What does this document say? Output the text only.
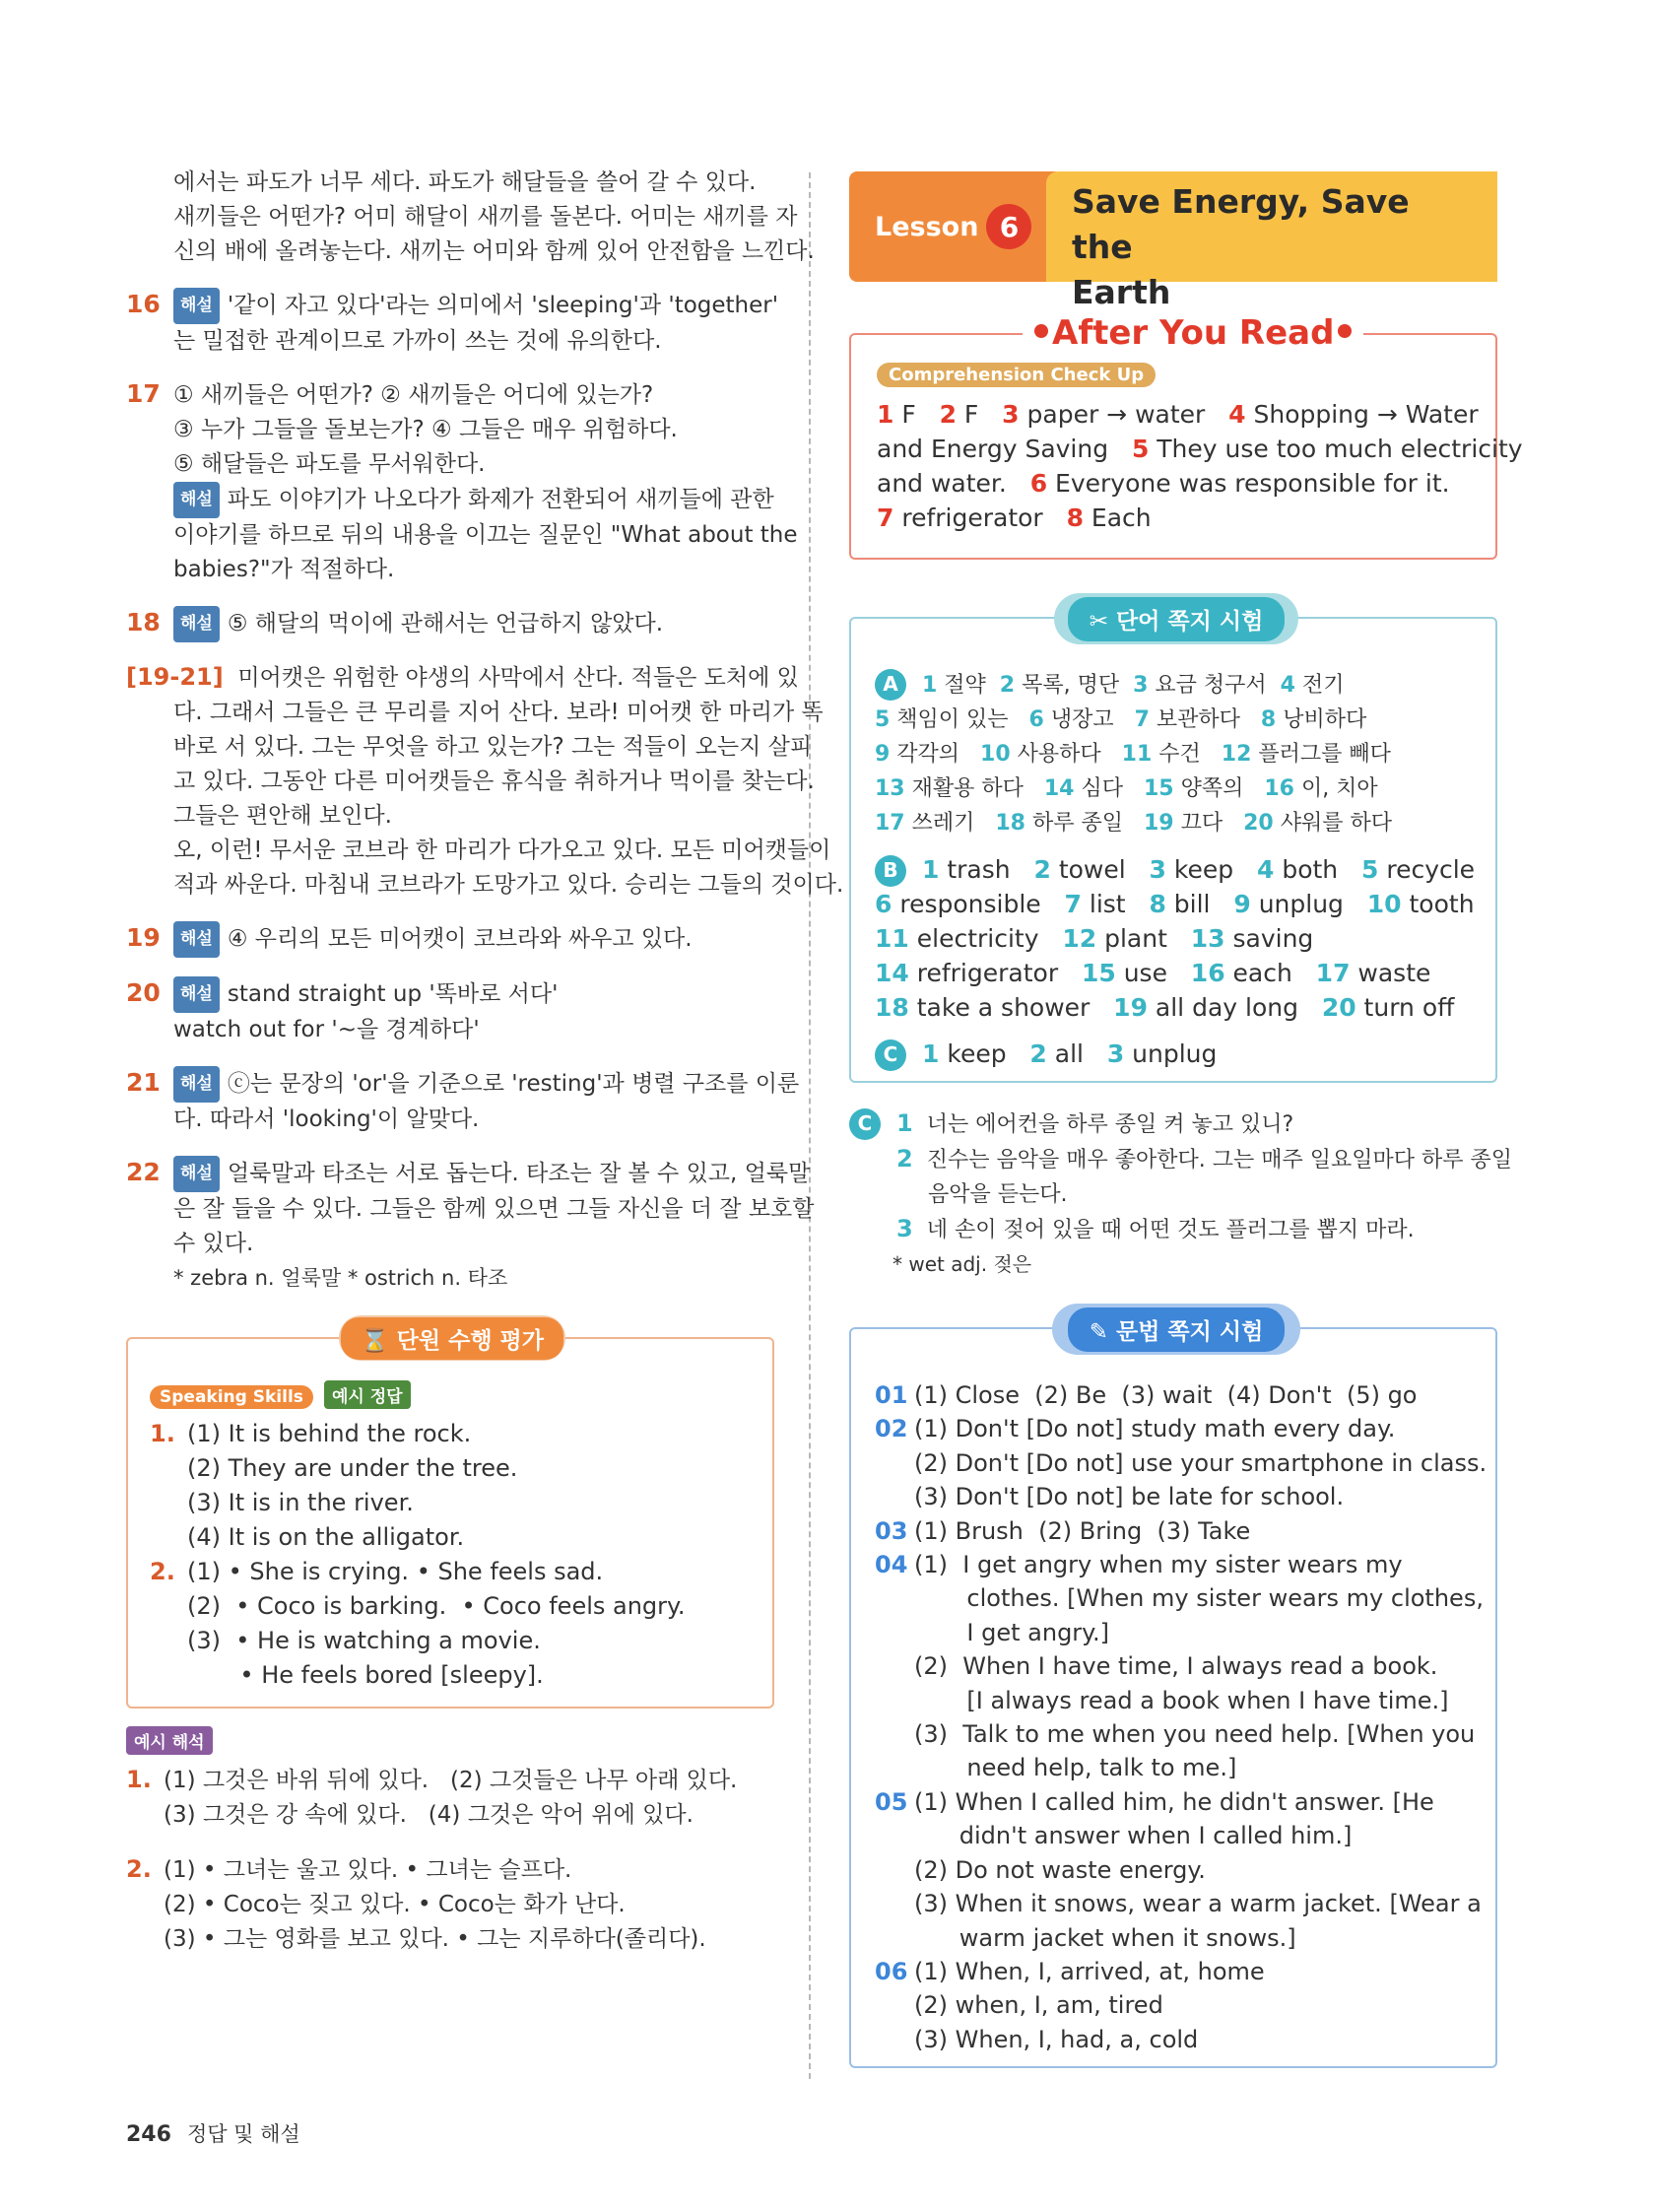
에서는 파도가 너무 세다. 파도가 해달들을 쓸어 갈 수 있다.
새끼들은 어떤가? 어미 해달이 새끼를 돌본다. 어미는 새끼를 자
신의 배에 올려놓는다. 새끼는 어미와 함께 있어 안전함을 느낀다.
16 해설 '같이 자고 있다'라는 의미에서 'sleeping'과 'together'
는 밀접한 관계이므로 가까이 쓰는 것에 유의한다.
17 ① 새끼들은 어떤가? ② 새끼들은 어디에 있는가?
③ 누가 그들을 돌보는가? ④ 그들은 매우 위험하다.
⑤ 해달들은 파도를 무서워한다.
해설 파도 이야기가 나오다가 화제가 전환되어 새끼들에 관한
이야기를 하므로 뒤의 내용을 이끄는 질문인 "What about the
babies?"가 적절하다.
18 해설 ⑤ 해달의 먹이에 관해서는 언급하지 않았다.
[19-21] 미어캣은 위험한 야생의 사막에서 산다. 적들은 도처에 있
다. 그래서 그들은 큰 무리를 지어 산다. 보라! 미어캣 한 마리가 똑
바로 서 있다. 그는 무엇을 하고 있는가? 그는 적들이 오는지 살피
고 있다. 그동안 다른 미어캣들은 휴식을 취하거나 먹이를 찾는다.
그들은 편안해 보인다.
오, 이런! 무서운 코브라 한 마리가 다가오고 있다. 모든 미어캣들이
적과 싸운다. 마침내 코브라가 도망가고 있다. 승리는 그들의 것이다.
19 해설 ④ 우리의 모든 미어캣이 코브라와 싸우고 있다.
20 해설 stand straight up '똑바로 서다'
watch out for '~을 경계하다'
21 해설 ⓒ는 문장의 'or'을 기준으로 'resting'과 병렬 구조를 이룬
다. 따라서 'looking'이 알맞다.
22 해설 얼룩말과 타조는 서로 돕는다. 타조는 잘 볼 수 있고, 얼룩말
은 잘 들을 수 있다. 그들은 함께 있으면 그들 자신을 더 잘 보호할
수 있다.
* zebra n. 얼룩말 * ostrich n. 타조
⌛ 단원 수행 평가
Speaking Skills 예시 정답
1. (1) It is behind the rock.
(2) They are under the tree.
(3) It is in the river.
(4) It is on the alligator.
2. (1) • She is crying. • She feels sad.
(2)  • Coco is barking.  • Coco feels angry.
(3)  • He is watching a movie.
• He feels bored [sleepy].
예시 해석
1. (1) 그것은 바위 뒤에 있다.   (2) 그것들은 나무 아래 있다.
(3) 그것은 강 속에 있다.   (4) 그것은 악어 위에 있다.
2. (1) • 그녀는 울고 있다. • 그녀는 슬프다.
(2) • Coco는 짖고 있다. • Coco는 화가 난다.
(3) • 그는 영화를 보고 있다. • 그는 지루하다(졸리다).
Lesson 6
Save Energy, Save the
Earth
After You Read
Comprehension Check Up
1 F   2 F   3 paper → water   4 Shopping → Water
and Energy Saving   5 They use too much electricity
and water.   6 Everyone was responsible for it.
7 refrigerator   8 Each
✂ 단어 쪽지 시험
A 1 절약  2 목록, 명단  3 요금 청구서  4 전기
5 책임이 있는   6 냉장고   7 보관하다   8 낭비하다
9 각각의   10 사용하다   11 수건   12 플러그를 빼다
13 재활용 하다   14 심다   15 양쪽의   16 이, 치아
17 쓰레기   18 하루 종일   19 끄다   20 샤워를 하다
B 1 trash   2 towel   3 keep   4 both   5 recycle
6 responsible   7 list   8 bill   9 unplug   10 tooth
11 electricity   12 plant   13 saving
14 refrigerator   15 use   16 each   17 waste
18 take a shower   19 all day long   20 turn off
C 1 keep   2 all   3 unplug
C 1 너는 에어컨을 하루 종일 켜 놓고 있니?
2 진수는 음악을 매우 좋아한다. 그는 매주 일요일마다 하루 종일
음악을 듣는다.
3 네 손이 젖어 있을 때 어떤 것도 플러그를 뽑지 마라.
* wet adj. 젖은
✎ 문법 쪽지 시험
01 (1) Close  (2) Be  (3) wait  (4) Don't  (5) go
02 (1) Don't [Do not] study math every day.
(2) Don't [Do not] use your smartphone in class.
(3) Don't [Do not] be late for school.
03 (1) Brush  (2) Bring  (3) Take
04 (1)  I get angry when my sister wears my
clothes. [When my sister wears my clothes,
I get angry.]
(2)  When I have time, I always read a book.
[I always read a book when I have time.]
(3)  Talk to me when you need help. [When you
need help, talk to me.]
05 (1) When I called him, he didn't answer. [He
didn't answer when I called him.]
(2) Do not waste energy.
(3) When it snows, wear a warm jacket. [Wear a
warm jacket when it snows.]
06 (1) When, I, arrived, at, home
(2) when, I, am, tired
(3) When, I, had, a, cold
246 정답 및 해설
